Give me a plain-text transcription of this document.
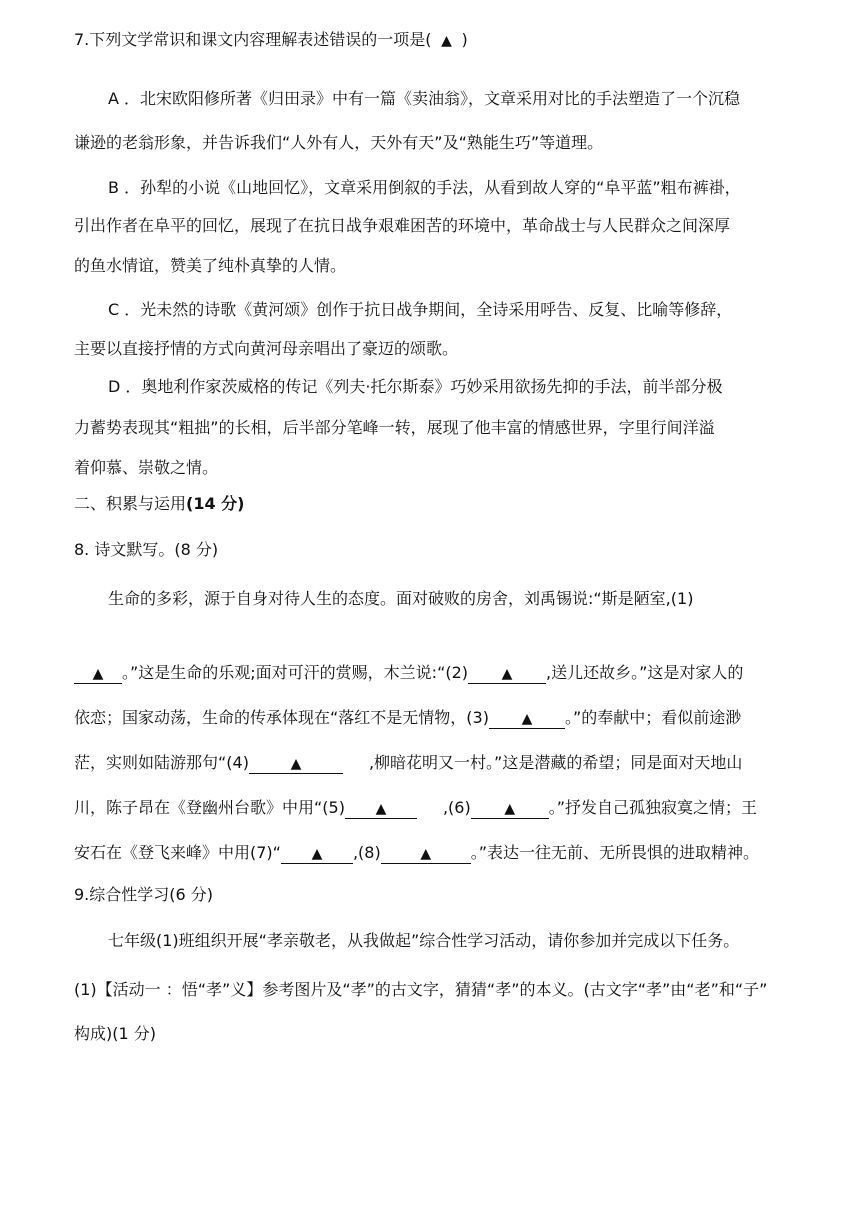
7.下列文学常识和课文内容理解表述错误的一项是( ▲ )
A ．北宋欧阳修所著《归田录》中有一篇《卖油翁》，文章采用对比的手法塑造了一个沉稳
谦逊的老翁形象，并告诉我们“人外有人，天外有天”及“熟能生巧”等道理。
B ．孙犁的小说《山地回忆》，文章采用倒叙的手法，从看到故人穿的“阜平蓝”粗布裤褂，
引出作者在阜平的回忆，展现了在抗日战争艰难困苦的环境中，革命战士与人民群众之间深厚
的鱼水情谊，赞美了纯朴真挚的人情。
C ．光未然的诗歌《黄河颂》创作于抗日战争期间，全诗采用呼告、反复、比喻等修辞，
主要以直接抒情的方式向黄河母亲唱出了豪迈的颂歌。
D ．奥地利作家茨威格的传记《列夫·托尔斯泰》巧妙采用欲扬先抑的手法，前半部分极
力蓄势表现其“粗拙”的长相，后半部分笔峰一转，展现了他丰富的情感世界，字里行间洋溢
着仰慕、崇敬之情。
二、积累与运用(14 分)
8. 诗文默写。(8 分)
生命的多彩，源于自身对待人生的态度。面对破败的房舍，刘禹锡说:“斯是陋室,(1)
▲ 。”这是生命的乐观;面对可汗的赏赐，木兰说:“(2) ▲ ,送儿还故乡。”这是对家人的
依恋；国家动荡，生命的传承体现在“落红不是无情物，(3) ▲ 。”的奉献中；看似前途渺
茫，实则如陆游那句“(4)	▲	,柳暗花明又一村。”这是潜藏的希望；同是面对天地山
川，陈子昂在《登幽州台歌》中用“(5) ▲	,(6) ▲ 。”抒发自己孤独寂寞之情；王
安石在《登飞来峰》中用(7)“ ▲ ,(8)	▲ 。”表达一往无前、无所畏惧的进取精神。
9.综合性学习(6 分)
七年级(1)班组织开展“孝亲敬老，从我做起”综合性学习活动，请你参加并完成以下任务。
(1)【活动一 ：悟“孝”义】参考图片及“孝”的古文字，猜猜“孝”的本义。(古文字“孝”由“老”和“子”
构成)(1 分)
